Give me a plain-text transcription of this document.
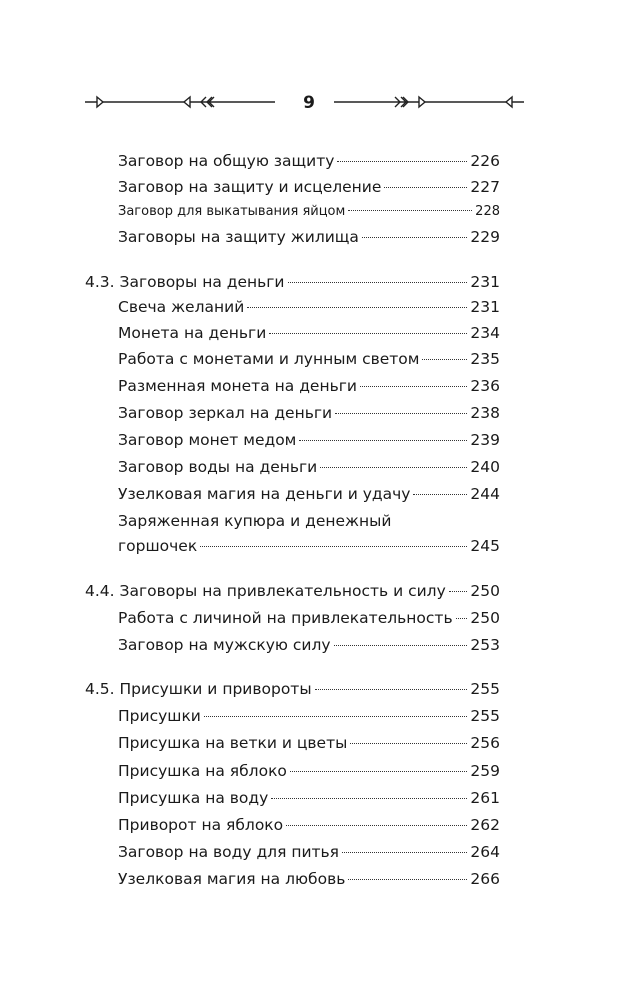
9
Заговор на общую защиту	226
Заговор на защиту и исцеление	227
Заговор для выкатывания яйцом	228
Заговоры на защиту жилища	229
4.3. Заговоры на деньги	231
Свеча желаний	231
Монета на деньги	234
Работа с монетами и лунным светом	235
Разменная монета на деньги	236
Заговор зеркал на деньги	238
Заговор монет медом	239
Заговор воды на деньги	240
Узелковая магия на деньги и удачу	244
Заряженная купюра и денежный
горшочек	245
4.4. Заговоры на привлекательность и силу 250
Работа с личиной на привлекательность 250
Заговор на мужскую силу	253
4.5. Присушки и привороты	255
Присушки	255
Присушка на ветки и цветы	256
Присушка на яблоко	259
Присушка на воду	261
Приворот на яблоко	262
Заговор на воду для питья	264
Узелковая магия на любовь	266
